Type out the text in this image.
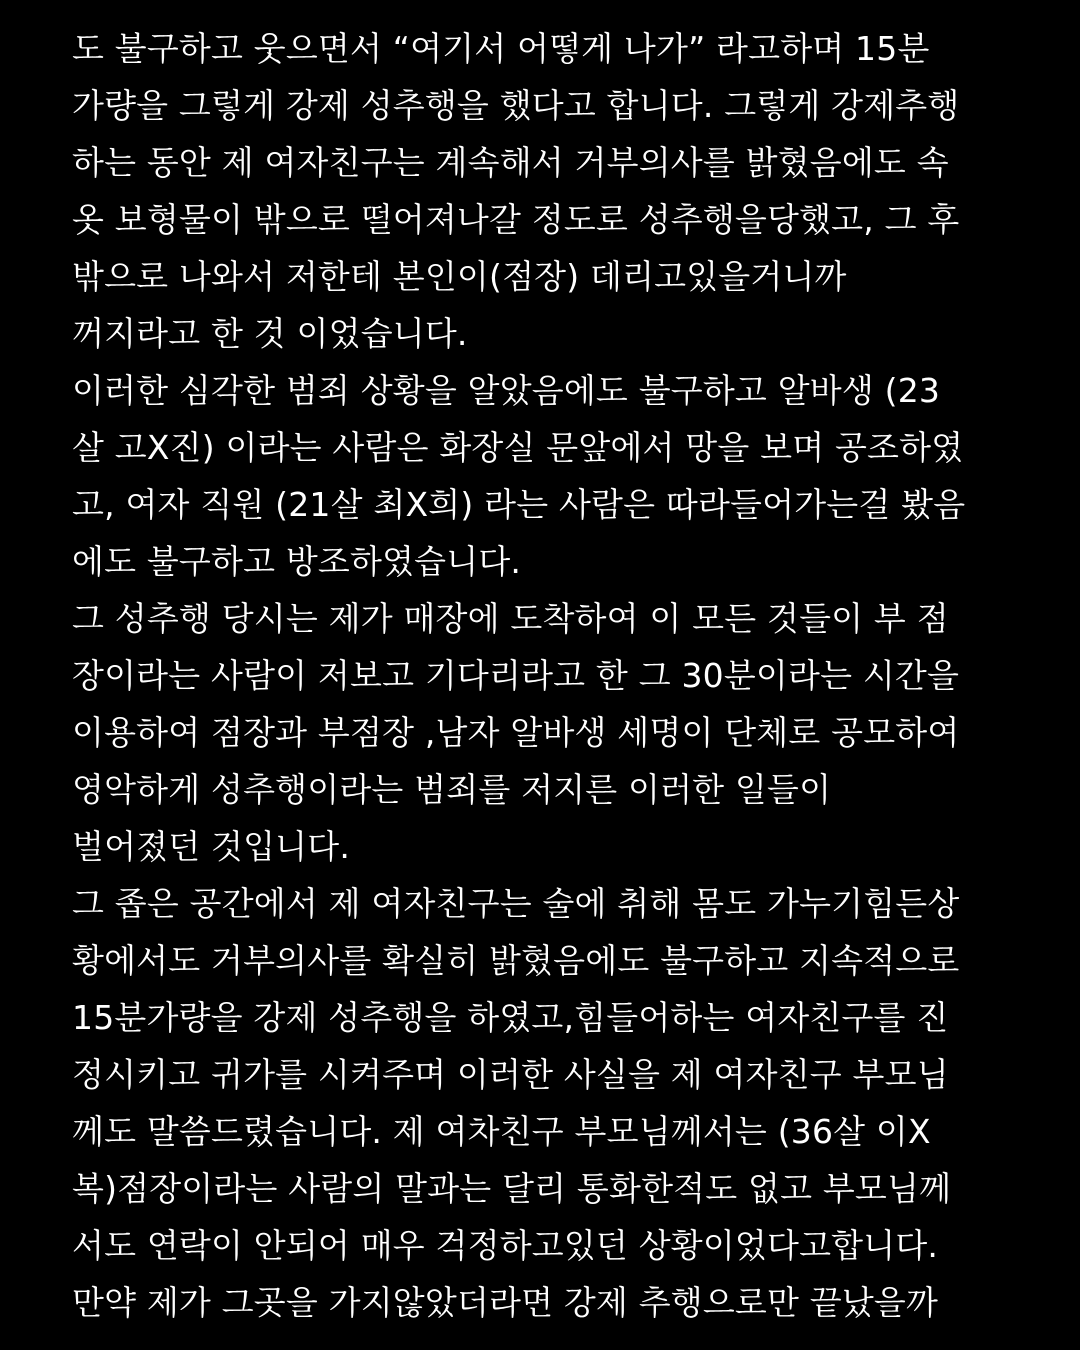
도 불구하고 웃으면서 “여기서 어떻게 나가” 라고하며 15분
가량을 그렇게 강제 성추행을 했다고 합니다. 그렇게 강제추행
하는 동안 제 여자친구는 계속해서 거부의사를 밝혔음에도 속
옷 보형물이 밖으로 떨어져나갈 정도로 성추행을당했고, 그 후
밖으로 나와서 저한테 본인이(점장) 데리고있을거니까
꺼지라고 한 것 이었습니다.
이러한 심각한 범죄 상황을 알았음에도 불구하고 알바생 (23
살 고X진) 이라는 사람은 화장실 문앞에서 망을 보며 공조하였
고, 여자 직원 (21살 최X희) 라는 사람은 따라들어가는걸 봤음
에도 불구하고 방조하였습니다.
그 성추행 당시는 제가 매장에 도착하여 이 모든 것들이 부 점
장이라는 사람이 저보고 기다리라고 한 그 30분이라는 시간을
이용하여 점장과 부점장 ,남자 알바생 세명이 단체로 공모하여
영악하게 성추행이라는 범죄를 저지른 이러한 일들이
벌어졌던 것입니다.
그 좁은 공간에서 제 여자친구는 술에 취해 몸도 가누기힘든상
황에서도 거부의사를 확실히 밝혔음에도 불구하고 지속적으로
15분가량을 강제 성추행을 하였고,힘들어하는 여자친구를 진
정시키고 귀가를 시켜주며 이러한 사실을 제 여자친구 부모님
께도 말씀드렸습니다. 제 여차친구 부모님께서는 (36살 이X
복)점장이라는 사람의 말과는 달리 통화한적도 없고 부모님께
서도 연락이 안되어 매우 걱정하고있던 상황이었다고합니다.
만약 제가 그곳을 가지않았더라면 강제 추행으로만 끝났을까
